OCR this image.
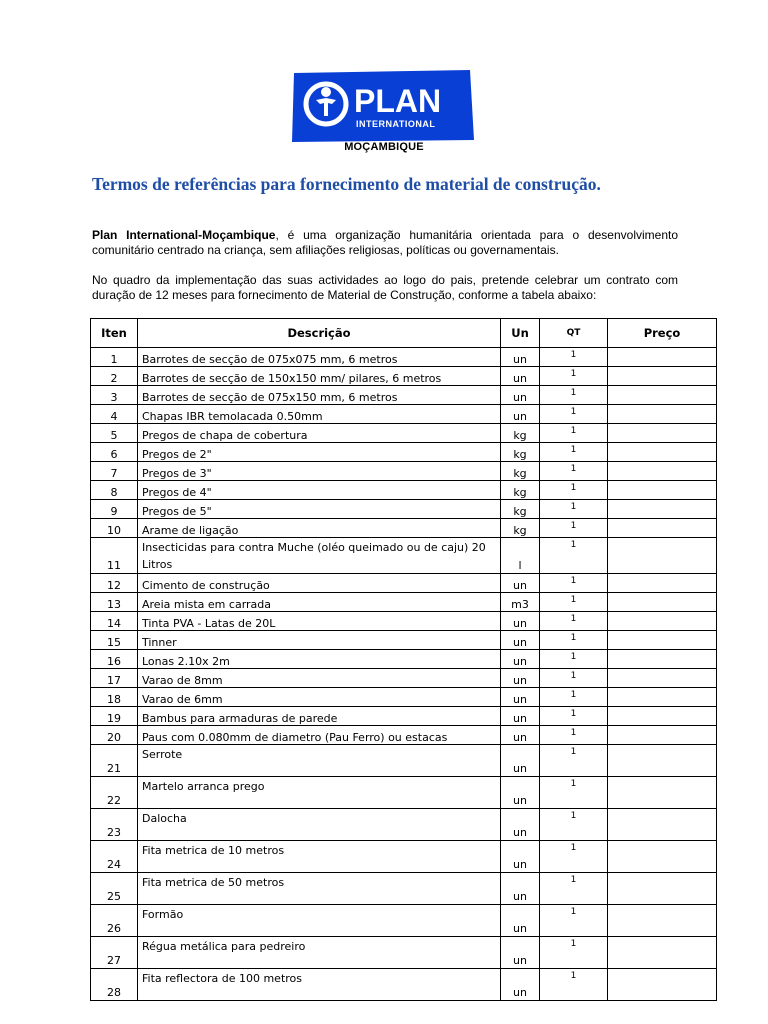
PLAN
INTERNATIONAL
MOÇAMBIQUE
Termos de referências para fornecimento de material de construção.
Plan International-Moçambique, é uma organização humanitária orientada para o desenvolvimento comunitário centrado na criança, sem afiliações religiosas, políticas ou governamentais.
No quadro da implementação das suas actividades ao logo do pais, pretende celebrar um contrato com duração de 12 meses para fornecimento de Material de Construção, conforme a tabela abaixo:
Iten	Descrição	Un	QT	Preço
1	Barrotes de secção de 075x075 mm, 6 metros	un	1	
2	Barrotes de secção de 150x150 mm/ pilares, 6 metros	un	1	
3	Barrotes de secção de 075x150 mm, 6 metros	un	1	
4	Chapas IBR temolacada 0.50mm	un	1	
5	Pregos de chapa de cobertura	kg	1	
6	Pregos de 2"	kg	1	
7	Pregos de 3"	kg	1	
8	Pregos de 4"	kg	1	
9	Pregos de 5"	kg	1	
10	Arame de ligação	kg	1	
11	Insecticidas para contra Muche (oléo queimado ou de caju) 20 Litros	l	1	
12	Cimento de construção	un	1	
13	Areia mista em carrada	m3	1	
14	Tinta PVA - Latas de 20L	un	1	
15	Tinner	un	1	
16	Lonas 2.10x 2m	un	1	
17	Varao de 8mm	un	1	
18	Varao de 6mm	un	1	
19	Bambus para armaduras de parede	un	1	
20	Paus com 0.080mm de diametro (Pau Ferro) ou estacas	un	1	
21	Serrote	un	1	
22	Martelo arranca prego	un	1	
23	Dalocha	un	1	
24	Fita metrica de 10 metros	un	1	
25	Fita metrica de 50 metros	un	1	
26	Formão	un	1	
27	Régua metálica para pedreiro	un	1	
28	Fita reflectora de 100 metros	un	1	
